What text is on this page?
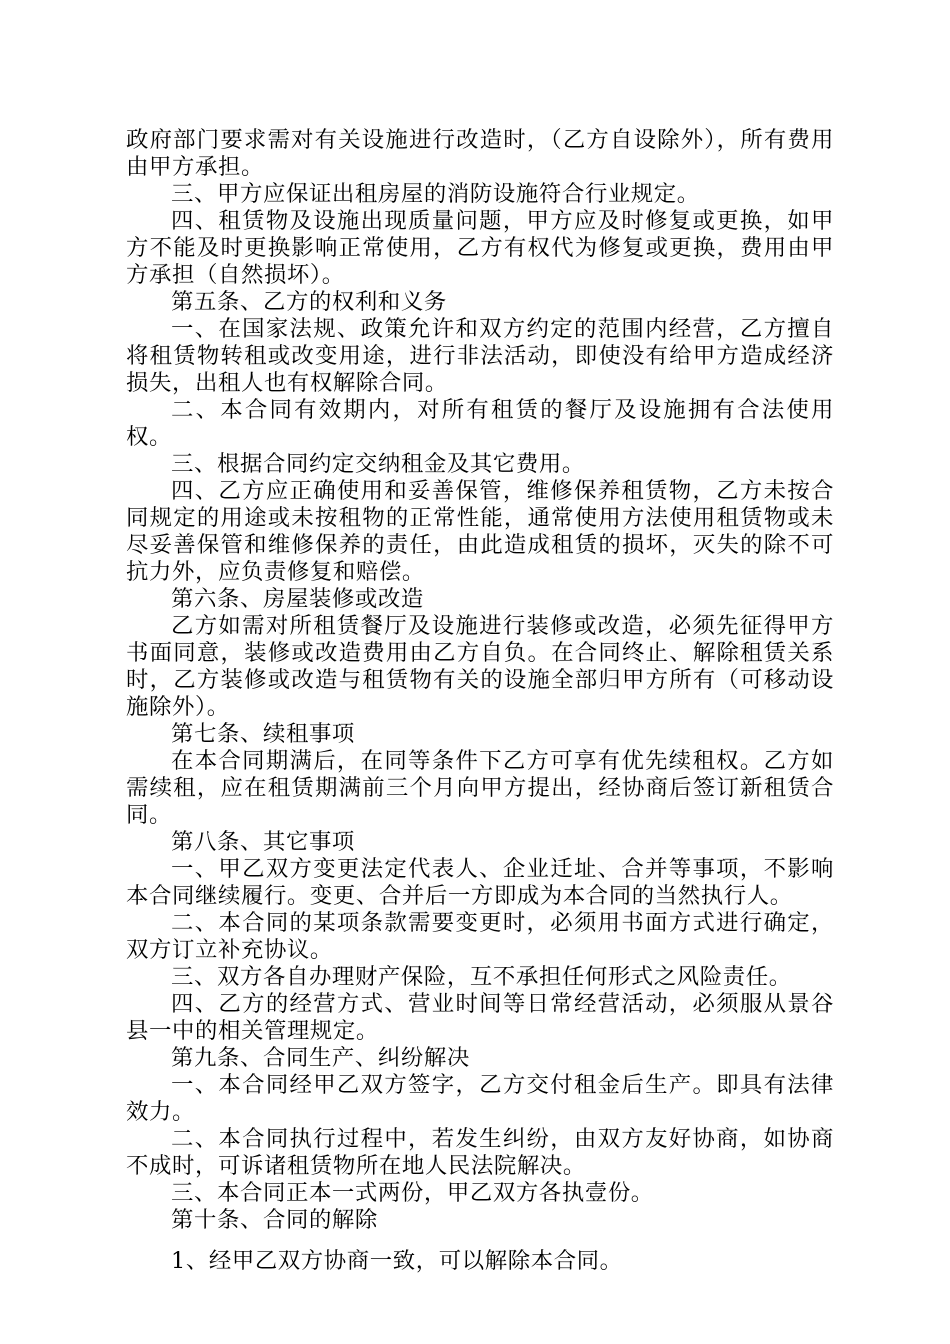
政府部门要求需对有关设施进行改造时，（乙方自设除外），所有费用由甲方承担。

三、甲方应保证出租房屋的消防设施符合行业规定。

四、租赁物及设施出现质量问题，甲方应及时修复或更换，如甲方不能及时更换影响正常使用，乙方有权代为修复或更换，费用由甲方承担（自然损坏）。

第五条、乙方的权利和义务

一、在国家法规、政策允许和双方约定的范围内经营，乙方擅自将租赁物转租或改变用途，进行非法活动，即使没有给甲方造成经济损失，出租人也有权解除合同。

二、本合同有效期内，对所有租赁的餐厅及设施拥有合法使用权。

三、根据合同约定交纳租金及其它费用。

四、乙方应正确使用和妥善保管，维修保养租赁物，乙方未按合同规定的用途或未按租物的正常性能，通常使用方法使用租赁物或未尽妥善保管和维修保养的责任，由此造成租赁的损坏，灭失的除不可抗力外，应负责修复和赔偿。

第六条、房屋装修或改造

乙方如需对所租赁餐厅及设施进行装修或改造，必须先征得甲方书面同意，装修或改造费用由乙方自负。在合同终止、解除租赁关系时，乙方装修或改造与租赁物有关的设施全部归甲方所有（可移动设施除外）。

第七条、续租事项

在本合同期满后，在同等条件下乙方可享有优先续租权。乙方如需续租，应在租赁期满前三个月向甲方提出，经协商后签订新租赁合同。

第八条、其它事项

一、甲乙双方变更法定代表人、企业迁址、合并等事项，不影响本合同继续履行。变更、合并后一方即成为本合同的当然执行人。

二、本合同的某项条款需要变更时，必须用书面方式进行确定，双方订立补充协议。

三、双方各自办理财产保险，互不承担任何形式之风险责任。

四、乙方的经营方式、营业时间等日常经营活动，必须服从景谷县一中的相关管理规定。

第九条、合同生产、纠纷解决

一、本合同经甲乙双方签字，乙方交付租金后生产。即具有法律效力。

二、本合同执行过程中，若发生纠纷，由双方友好协商，如协商不成时，可诉诸租赁物所在地人民法院解决。

三、本合同正本一式两份，甲乙双方各执壹份。

第十条、合同的解除

1、经甲乙双方协商一致，可以解除本合同。
